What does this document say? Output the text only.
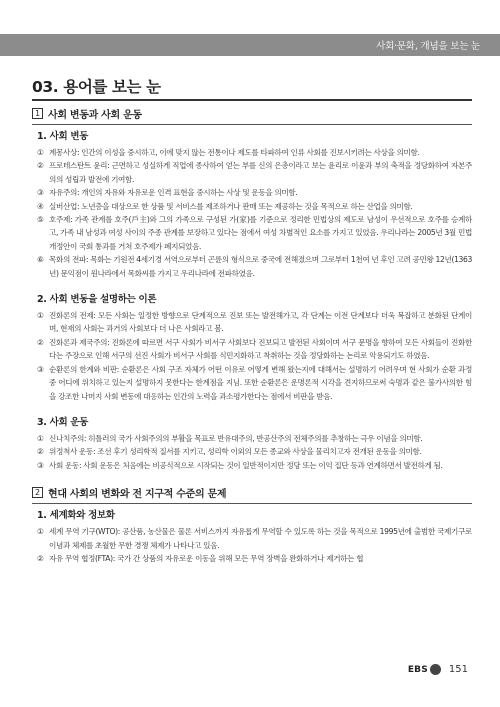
사회·문화, 개념을 보는 눈
03. 용어를 보는 눈
1 사회 변동과 사회 운동
1. 사회 변동
① 계몽사상: 인간의 이성을 중시하고, 이에 맞지 않는 전통이나 제도를 타파하여 인류 사회를 진보시키려는 사상을 의미함.
② 프로테스탄트 윤리: 근면하고 성실하게 직업에 종사하여 얻는 부를 신의 은총이라고 보는 윤리로 이윤과 부의 축적을 정당화하여 자본주의의 성립과 발전에 기여함.
③ 자유주의: 개인의 자유와 자유로운 인격 표현을 중시하는 사상 및 운동을 의미함.
④ 실버산업: 노년층을 대상으로 한 상품 및 서비스를 제조하거나 판매 또는 제공하는 것을 목적으로 하는 산업을 의미함.
⑤ 호주제: 가족 관계를 호주(戶主)와 그의 가족으로 구성된 가(家)를 기준으로 정리한 민법상의 제도로 남성이 우선적으로 호주를 승계하고, 가족 내 남성과 여성 사이의 주종 관계를 보장하고 있다는 점에서 여성 차별적인 요소를 가지고 있었음. 우리나라는 2005년 3월 민법 개정안이 국회 통과를 거쳐 호주제가 폐지되었음.
⑥ 목화의 전파: 목화는 기원전 4세기경 서역으로부터 곤륜의 형식으로 중국에 전해졌으며 그로부터 1천여 년 후인 고려 공민왕 12년(1363년) 문익점이 원나라에서 목화씨를 가지고 우리나라에 전파하였음.
2. 사회 변동을 설명하는 이론
① 진화론의 전제: 모든 사회는 일정한 방향으로 단계적으로 진보 또는 발전해가고, 각 단계는 이전 단계보다 더욱 복잡하고 분화된 단계이며, 현재의 사회는 과거의 사회보다 더 나은 사회라고 봄.
② 진화론과 제국주의: 진화론에 따르면 서구 사회가 비서구 사회보다 진보되고 발전된 사회이며 서구 문명을 향하여 모든 사회들이 진화한다는 주장으로 인해 서구의 선진 사회가 비서구 사회를 식민지화하고 착취하는 것을 정당화하는 논리로 악용되기도 하였음.
③ 순환론의 한계와 비판: 순환론은 사회 구조 자체가 어떤 이유로 어떻게 변해 왔는지에 대해서는 설명하기 어려우며 현 사회가 순환 과정 중 어디에 위치하고 있는지 설명하지 못한다는 한계점을 지님. 또한 순환론은 운명론적 시각을 견지하므로써 숙명과 같은 불가사의한 힘을 강조한 나머지 사회 변동에 대응하는 인간의 노력을 과소평가한다는 점에서 비판을 받음.
3. 사회 운동
① 신나치주의: 히틀러의 국가 사회주의의 부활을 목표로 반유대주의, 반공산주의 전체주의를 추창하는 극우 이념을 의미함.
② 위정척사 운동: 조선 후기 성리학적 질서를 지키고, 성리학 이외의 모든 종교와 사상을 물리치고자 전개된 운동을 의미함.
③ 사회 운동: 사회 운동은 처음에는 비공식적으로 시작되는 것이 일반적이지만 정당 또는 이익 집단 등과 연계하면서 발전하게 됨.
2 현대 사회의 변화와 전 지구적 수준의 문제
1. 세계화와 정보화
① 세계 무역 기구(WTO): 공산품, 농산물은 물론 서비스까지 자유롭게 무역할 수 있도록 하는 것을 목적으로 1995년에 출범한 국제기구로 이념과 체제를 초월한 무한 경쟁 체제가 나타나고 있음.
② 자유 무역 협정(FTA): 국가 간 상품의 자유로운 이동을 위해 모든 무역 장벽을 완화하거나 제거하는 협
EBS 151
